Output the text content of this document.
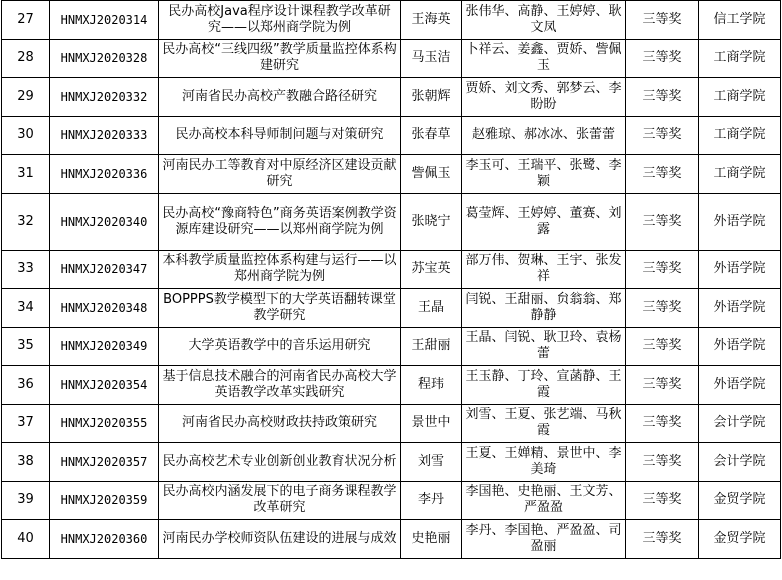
27	HNMXJ2020314	民办高校Java程序设计课程教学改革研究——以郑州商学院为例	王海英	张伟华、高静、王婷婷、耿文凤	三等奖	信工学院
28	HNMXJ2020328	民办高校“三线四级”教学质量监控体系构建研究	马玉洁	卜祥云、姜鑫、贾娇、訾佩玉	三等奖	工商学院
29	HNMXJ2020332	河南省民办高校产教融合路径研究	张朝辉	贾娇、刘文秀、郭梦云、李盼盼	三等奖	工商学院
30	HNMXJ2020333	民办高校本科导师制问题与对策研究	张春草	赵雅琼、郝冰冰、张蕾蕾	三等奖	工商学院
31	HNMXJ2020336	河南民办工等教育对中原经济区建设贡献研究	訾佩玉	李玉可、王瑞平、张鹭、李颖	三等奖	工商学院
32	HNMXJ2020340	民办高校“豫商特色”商务英语案例教学资源库建设研究——以郑州商学院为例	张晓宁	葛莹辉、王婷婷、董赛、刘露	三等奖	外语学院
33	HNMXJ2020347	本科教学质量监控体系构建与运行——以郑州商学院为例	苏宝英	部万伟、贺琳、王宇、张发祥	三等奖	外语学院
34	HNMXJ2020348	BOPPPS教学模型下的大学英语翻转课堂教学研究	王晶	闫锐、王甜丽、贠翁翁、郑静静	三等奖	外语学院
35	HNMXJ2020349	大学英语教学中的音乐运用研究	王甜丽	王晶、闫锐、耿卫玲、袁杨蕾	三等奖	外语学院
36	HNMXJ2020354	基于信息技术融合的河南省民办高校大学英语教学改革实践研究	程玮	王玉静、丁玲、宣菡静、王霞	三等奖	外语学院
37	HNMXJ2020355	河南省民办高校财政扶持政策研究	景世中	刘雪、王夏、张艺端、马秋霞	三等奖	会计学院
38	HNMXJ2020357	民办高校艺术专业创新创业教育状况分析	刘雪	王夏、王婵精、景世中、李美琦	三等奖	会计学院
39	HNMXJ2020359	民办高校内涵发展下的电子商务课程教学改革研究	李丹	李国艳、史艳丽、王文芳、严盈盈	三等奖	金贸学院
40	HNMXJ2020360	河南民办学校师资队伍建设的进展与成效	史艳丽	李丹、李国艳、严盈盈、司盈丽	三等奖	金贸学院
